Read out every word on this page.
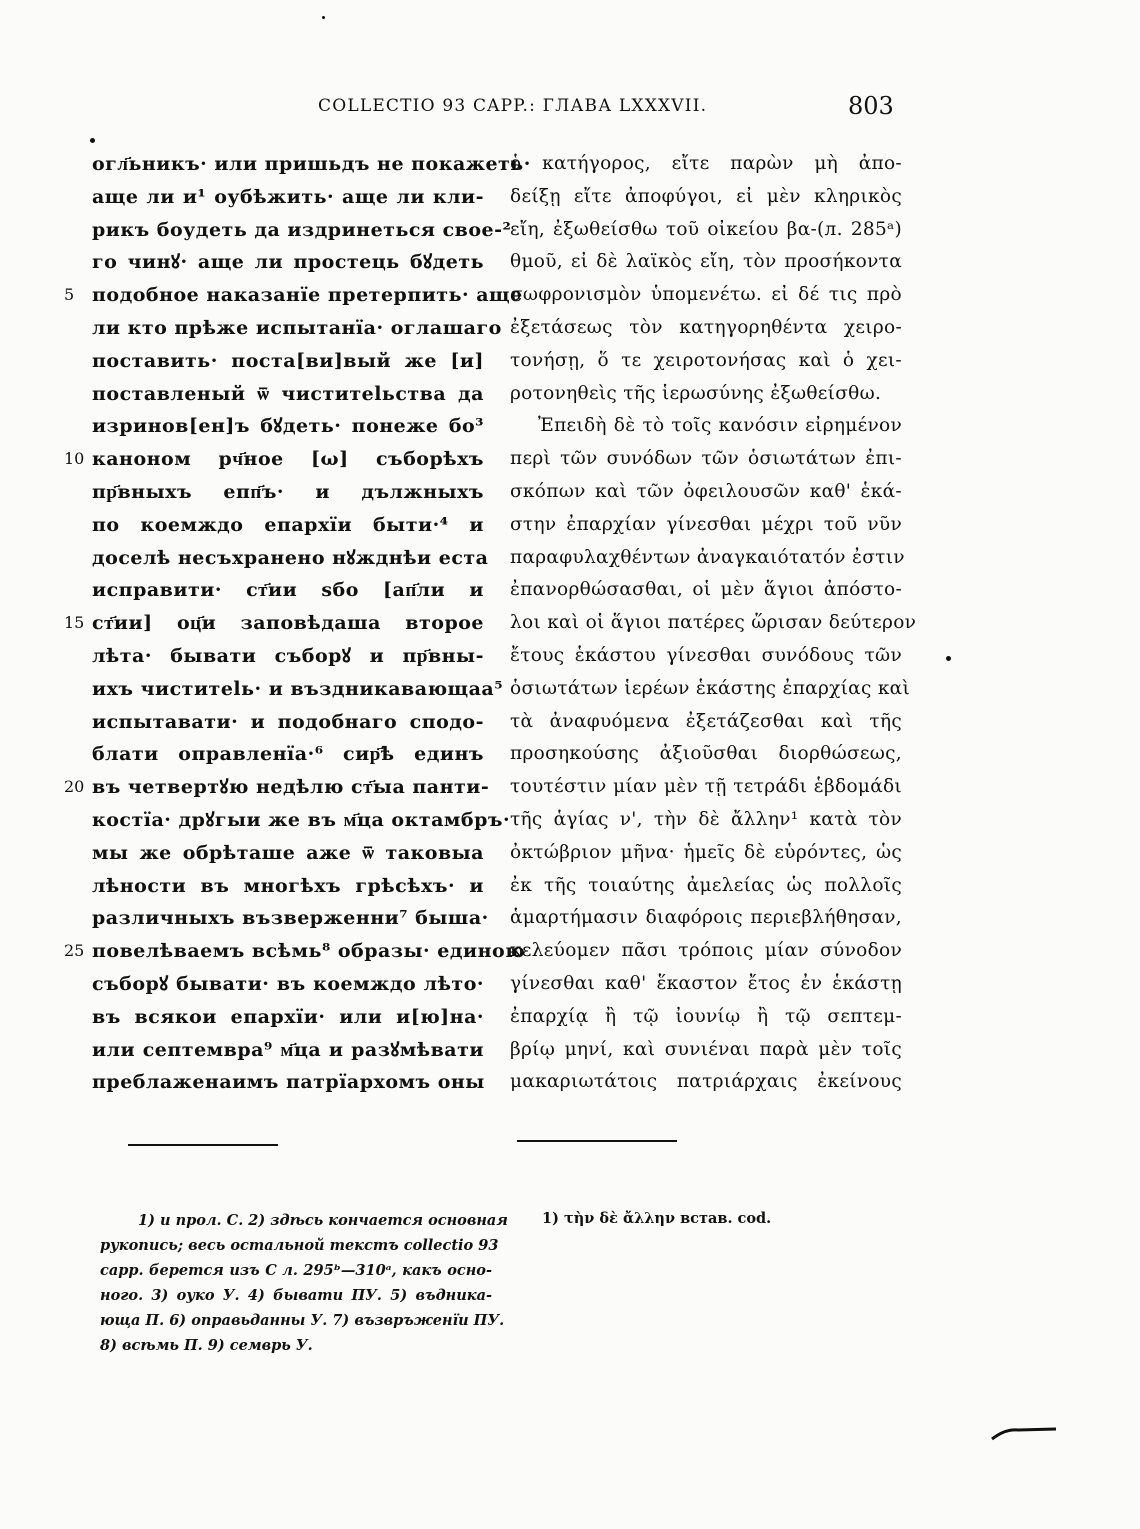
COLLECTIO 93 CAPP.: ГЛАВА LXXXVII.	803
5
10
15
20
25
огл҃ьникъ· или пришьдъ не покажеть·
аще ли и¹ оубѣжить· аще ли кли-
рикъ боудеть да издринеться свое-²
го чинꙋ· аще ли простець бꙋдеть
подобное наказанїе претерпить· аще
ли кто прѣже испытанїа· оглашаго
поставить· поста[ви]вый же [и]
поставленый ѿ чиститеlьства да
изринов[ен]ъ бꙋдеть· понеже бо³
каноном рч҃ное [ω] съборѣхъ
пр҃вныхъ епп҃ъ· и дължныхъ
по коемждо епархїи быти·⁴ и
доселѣ несъхранено нꙋжднѣи еста
исправити· ст҃ии ѕбо [ап҃ли и
ст҃ии] оц҃и заповѣдаша второе
лѣта· бывати съборꙋ и пр҃вны-
ихъ чиститеlь· и въздникавающаа⁵
испытавати· и подобнаго сподо-
блати оправленїа·⁶ сир҃ѣ единъ
въ четвертꙋю недѣлю ст҃ыа панти-
костїа· дрꙋгыи же въ м҃ца октамбръ·
мы же обрѣташе аже ѿ таковыа
лѣности въ многѣхъ грѣсѣхъ· и
различныхъ възверженни⁷ быша·
повелѣваемъ всѣмь⁸ образы· единою
съборꙋ бывати· въ коемждо лѣто·
въ всякои епархїи· или и[ю]на·
или септемвра⁹ м҃ца и разꙋмѣвати
преблаженаимъ патрїархомъ оны
ὁ κατήγορος, εἴτε παρὼν μὴ ἀπο-
δείξῃ εἴτε ἀποφύγοι, εἰ μὲν κληρικὸς
εἴη, ἐξωθείσθω τοῦ οἰκείου βα-(л. 285ᵃ)
θμοῦ, εἰ δὲ λαϊκὸς εἴη, τὸν προσήκοντα
σωφρονισμὸν ὑπομενέτω. εἰ δέ τις πρὸ
ἐξετάσεως τὸν κατηγορηθέντα χειρο-
τονήσῃ, ὅ τε χειροτονήσας καὶ ὁ χει-
ροτονηθεὶς τῆς ἱερωσύνης ἐξωθείσθω.
Ἐπειδὴ δὲ τὸ τοῖς κανόσιν εἰρημένον
περὶ τῶν συνόδων τῶν ὁσιωτάτων ἐπι-
σκόπων καὶ τῶν ὀφειλουσῶν καθ' ἑκά-
στην ἐπαρχίαν γίνεσθαι μέχρι τοῦ νῦν
παραφυλαχθέντων ἀναγκαιότατόν ἐστιν
ἐπανορθώσασθαι, οἱ μὲν ἅγιοι ἀπόστο-
λοι καὶ οἱ ἅγιοι πατέρες ὥρισαν δεύτερον
ἔτους ἑκάστου γίνεσθαι συνόδους τῶν
ὁσιωτάτων ἱερέων ἑκάστης ἐπαρχίας καὶ
τὰ ἀναφυόμενα ἐξετάζεσθαι καὶ τῆς
προσηκούσης ἀξιοῦσθαι διορθώσεως,
τουτέστιν μίαν μὲν τῇ τετράδι ἑβδομάδι
τῆς ἁγίας ν', τὴν δὲ ἄλλην¹ κατὰ τὸν
ὀκτώβριον μῆνα· ἡμεῖς δὲ εὑρόντες, ὡς
ἐκ τῆς τοιαύτης ἀμελείας ὡς πολλοῖς
ἁμαρτήμασιν διαφόροις περιεβλήθησαν,
κελεύομεν πᾶσι τρόποις μίαν σύνοδον
γίνεσθαι καθ' ἕκαστον ἔτος ἐν ἑκάστῃ
ἐπαρχίᾳ ἢ τῷ ἰουνίῳ ἢ τῷ σεπτεμ-
βρίῳ μηνί, καὶ συνιέναι παρὰ μὲν τοῖς
μακαριωτάτοις πατριάρχαις ἐκείνους

1) и прол. С. 2) здѣсь кончается основная

рукопись; весь остальной текстъ collectio 93

capp. берется изъ С л. 295ᵇ—310ᵃ, какъ осно-

ного. 3) оуко У. 4) бывати ПУ. 5) въдника-

юща П. 6) оправьданны У. 7) възвръженїи ПУ.

8) всѣмь П. 9) семврь У.

1) τὴν δὲ ἄλλην встав. cod.
